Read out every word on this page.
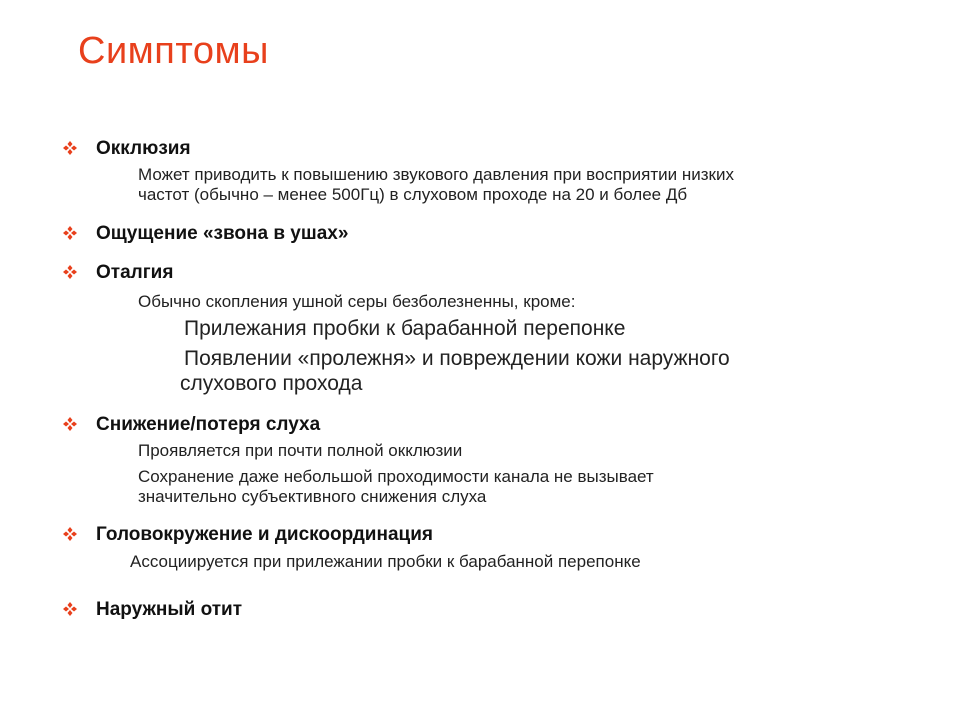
Симптомы
Окклюзия
Может приводить к повышению звукового давления при восприятии низких
частот (обычно – менее 500Гц) в слуховом проходе на 20 и более Дб
Ощущение «звона в ушах»
Оталгия
Обычно скопления ушной серы безболезненны, кроме:
Прилежания пробки к барабанной перепонке
Появлении «пролежня» и повреждении кожи наружного
слухового прохода
Снижение/потеря слуха
Проявляется при почти полной окклюзии
Сохранение даже небольшой проходимости канала не вызывает
значительно субъективного снижения слуха
Головокружение и дискоординация
Ассоциируется при прилежании пробки к барабанной перепонке
Наружный отит
